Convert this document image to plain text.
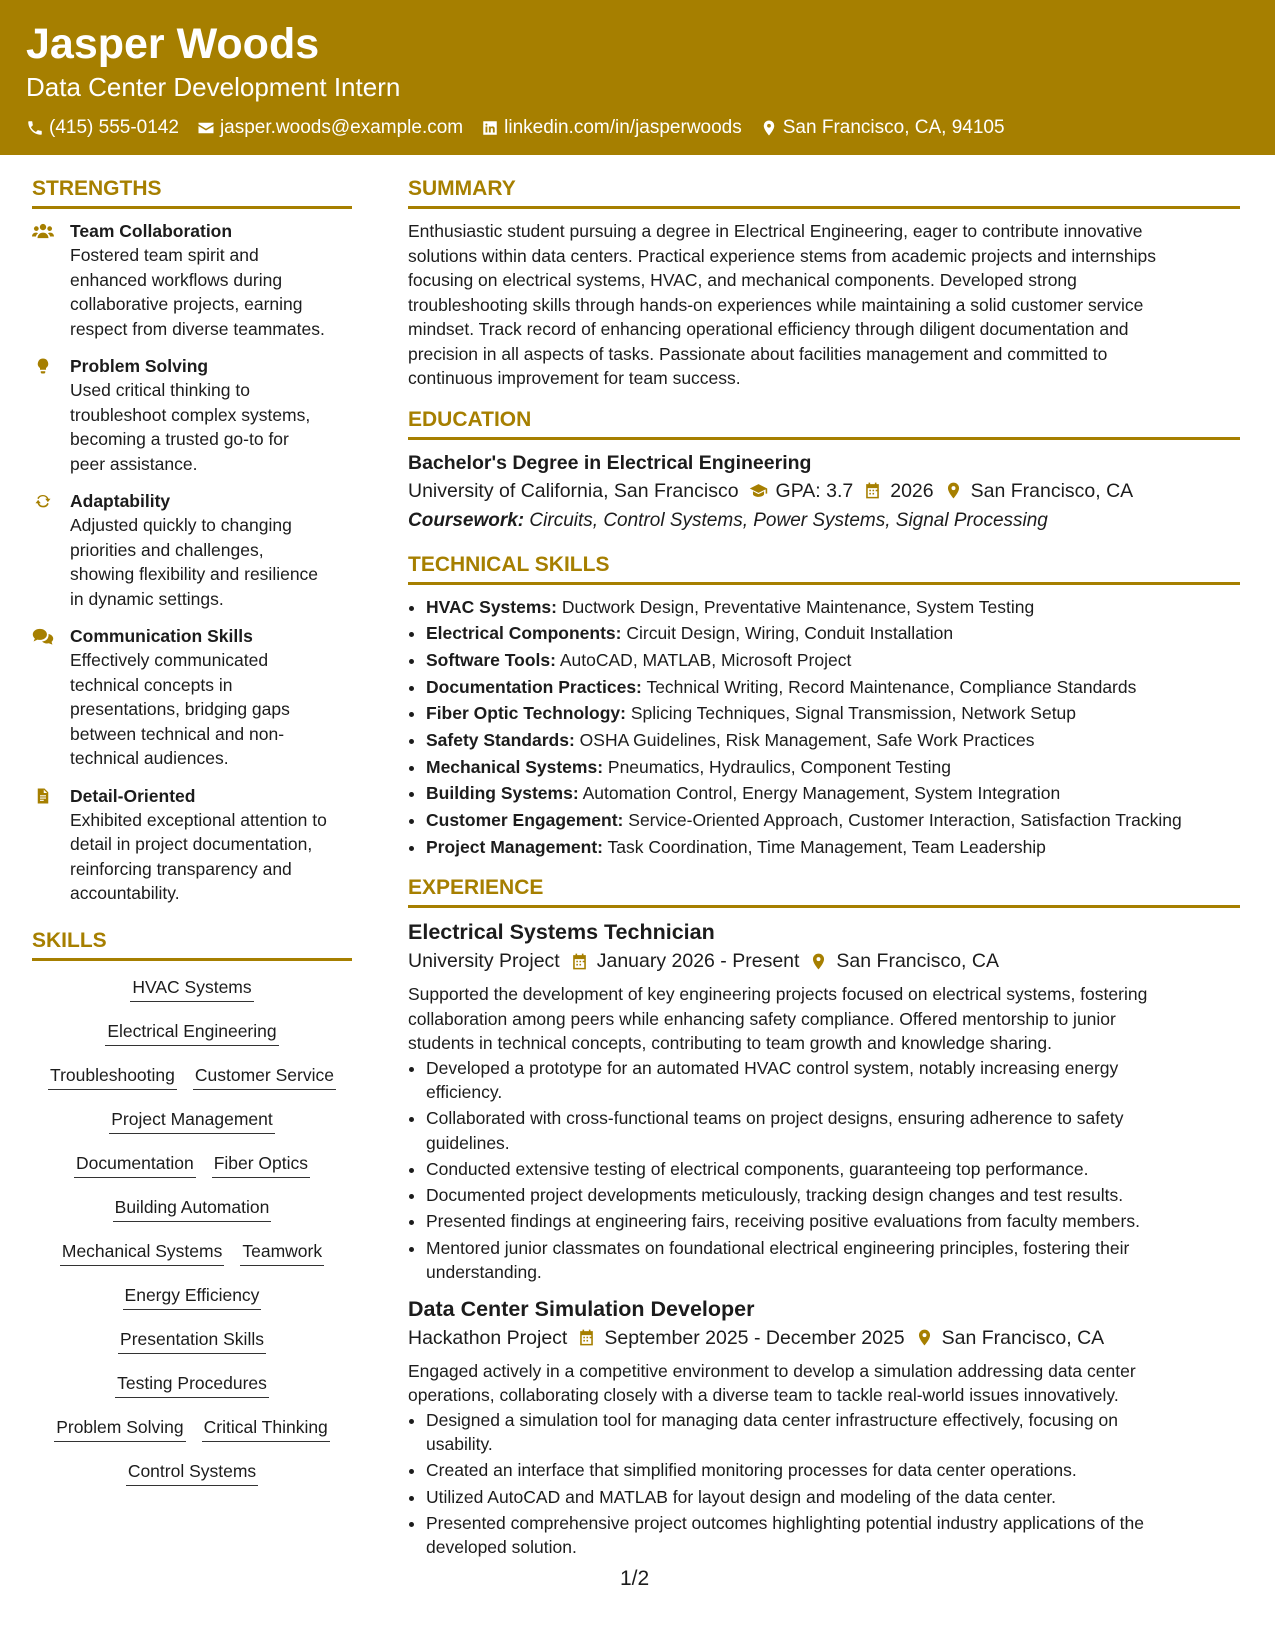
Jasper Woods
Data Center Development Intern
(415) 555-0142 jasper.woods@example.com linkedin.com/in/jasperwoods San Francisco, CA, 94105
STRENGTHS
Team Collaboration
Fostered team spirit and
enhanced workflows during
collaborative projects, earning
respect from diverse teammates.
Problem Solving
Used critical thinking to
troubleshoot complex systems,
becoming a trusted go-to for
peer assistance.
Adaptability
Adjusted quickly to changing
priorities and challenges,
showing flexibility and resilience
in dynamic settings.
Communication Skills
Effectively communicated
technical concepts in
presentations, bridging gaps
between technical and non-
technical audiences.
Detail-Oriented
Exhibited exceptional attention to
detail in project documentation,
reinforcing transparency and
accountability.
SKILLS
HVAC Systems
Electrical Engineering
Troubleshooting Customer Service
Project Management
Documentation Fiber Optics
Building Automation
Mechanical Systems Teamwork
Energy Efficiency
Presentation Skills
Testing Procedures
Problem Solving Critical Thinking
Control Systems
SUMMARY
Enthusiastic student pursuing a degree in Electrical Engineering, eager to contribute innovative
solutions within data centers. Practical experience stems from academic projects and internships
focusing on electrical systems, HVAC, and mechanical components. Developed strong
troubleshooting skills through hands-on experiences while maintaining a solid customer service
mindset. Track record of enhancing operational efficiency through diligent documentation and
precision in all aspects of tasks. Passionate about facilities management and committed to
continuous improvement for team success.
EDUCATION
Bachelor's Degree in Electrical Engineering
University of California, San Francisco GPA: 3.7 2026 San Francisco, CA
Coursework: Circuits, Control Systems, Power Systems, Signal Processing
TECHNICAL SKILLS
• HVAC Systems: Ductwork Design, Preventative Maintenance, System Testing
• Electrical Components: Circuit Design, Wiring, Conduit Installation
• Software Tools: AutoCAD, MATLAB, Microsoft Project
• Documentation Practices: Technical Writing, Record Maintenance, Compliance Standards
• Fiber Optic Technology: Splicing Techniques, Signal Transmission, Network Setup
• Safety Standards: OSHA Guidelines, Risk Management, Safe Work Practices
• Mechanical Systems: Pneumatics, Hydraulics, Component Testing
• Building Systems: Automation Control, Energy Management, System Integration
• Customer Engagement: Service-Oriented Approach, Customer Interaction, Satisfaction Tracking
• Project Management: Task Coordination, Time Management, Team Leadership
EXPERIENCE
Electrical Systems Technician
University Project January 2026 - Present San Francisco, CA
Supported the development of key engineering projects focused on electrical systems, fostering
collaboration among peers while enhancing safety compliance. Offered mentorship to junior
students in technical concepts, contributing to team growth and knowledge sharing.
• Developed a prototype for an automated HVAC control system, notably increasing energy
efficiency.
• Collaborated with cross-functional teams on project designs, ensuring adherence to safety
guidelines.
• Conducted extensive testing of electrical components, guaranteeing top performance.
• Documented project developments meticulously, tracking design changes and test results.
• Presented findings at engineering fairs, receiving positive evaluations from faculty members.
• Mentored junior classmates on foundational electrical engineering principles, fostering their
understanding.
Data Center Simulation Developer
Hackathon Project September 2025 - December 2025 San Francisco, CA
Engaged actively in a competitive environment to develop a simulation addressing data center
operations, collaborating closely with a diverse team to tackle real-world issues innovatively.
• Designed a simulation tool for managing data center infrastructure effectively, focusing on
usability.
• Created an interface that simplified monitoring processes for data center operations.
• Utilized AutoCAD and MATLAB for layout design and modeling of the data center.
• Presented comprehensive project outcomes highlighting potential industry applications of the
developed solution.
1/2
